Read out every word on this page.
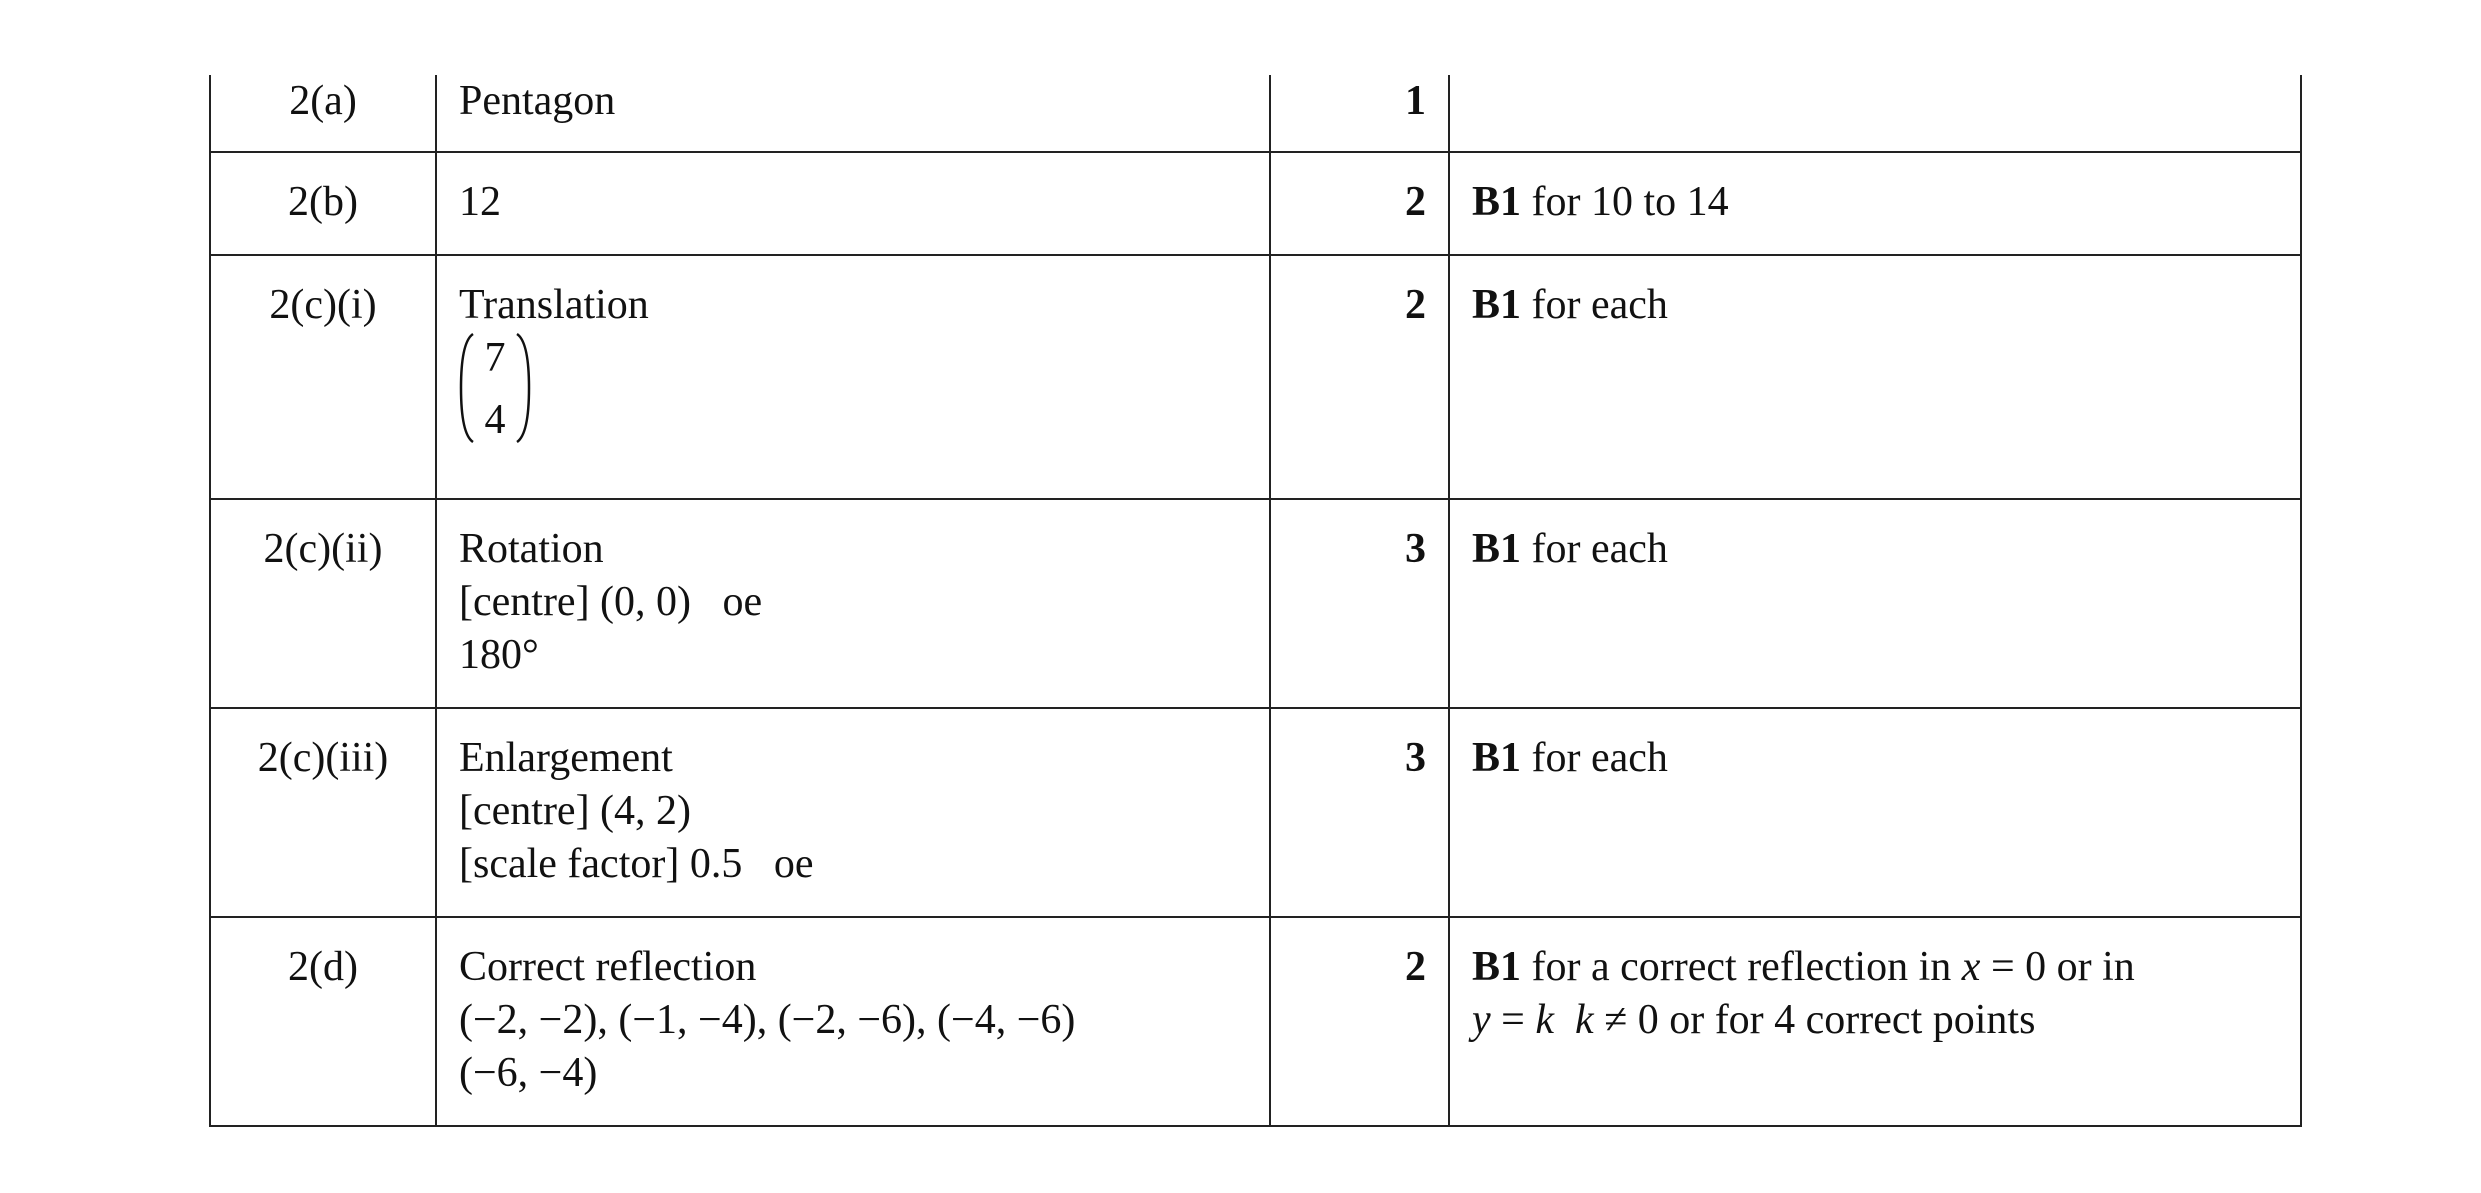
2(a)	Pentagon	1	
2(b)	12	2	B1 for 10 to 14
2(c)(i)	Translation
7
4	2	B1 for each
2(c)(ii)	Rotation
[centre] (0, 0)   oe
180°	3	B1 for each
2(c)(iii)	Enlargement
[centre] (4, 2)
[scale factor] 0.5   oe	3	B1 for each
2(d)	Correct reflection
(−2, −2), (−1, −4), (−2, −6), (−4, −6)
(−6, −4)	2	B1 for a correct reflection in x = 0 or in
y = k k ≠ 0 or for 4 correct points
